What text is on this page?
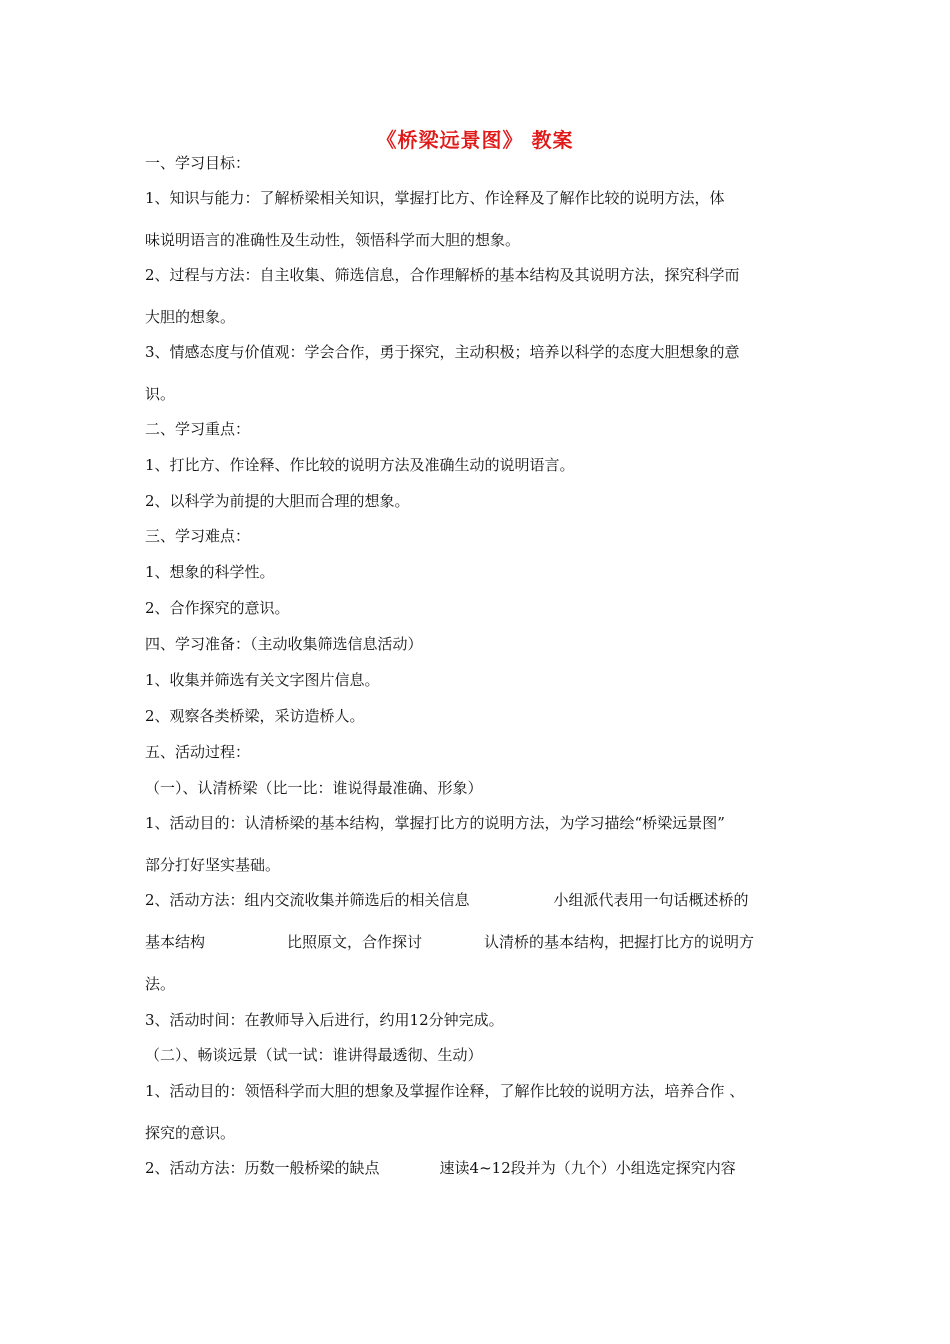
《桥梁远景图》 教案
一、学习目标：
1、知识与能力：了解桥梁相关知识，掌握打比方、作诠释及了解作比较的说明方法，体
味说明语言的准确性及生动性，领悟科学而大胆的想象。
2、过程与方法：自主收集、筛选信息，合作理解桥的基本结构及其说明方法，探究科学而
大胆的想象。
3、情感态度与价值观：学会合作，勇于探究，主动积极；培养以科学的态度大胆想象的意
识。
二、学习重点：
1、打比方、作诠释、作比较的说明方法及准确生动的说明语言。
2、以科学为前提的大胆而合理的想象。
三、学习难点：
1、想象的科学性。
2、合作探究的意识。
四、学习准备：（主动收集筛选信息活动）
1、收集并筛选有关文字图片信息。
2、观察各类桥梁，采访造桥人。
五、活动过程：
（一）、认清桥梁（比一比：谁说得最准确、形象）
1、活动目的：认清桥梁的基本结构，掌握打比方的说明方法，为学习描绘“桥梁远景图”
部分打好坚实基础。
2、活动方法：组内交流收集并筛选后的相关信息	小组派代表用一句话概述桥的
基本结构	比照原文，合作探讨	认清桥的基本结构，把握打比方的说明方
法。
3、活动时间：在教师导入后进行，约用12分钟完成。
（二）、畅谈远景（试一试：谁讲得最透彻、生动）
1、活动目的：领悟科学而大胆的想象及掌握作诠释，了解作比较的说明方法，培养合作 、
探究的意识。
2、活动方法：历数一般桥梁的缺点	速读4~12段并为（九个）小组选定探究内容
